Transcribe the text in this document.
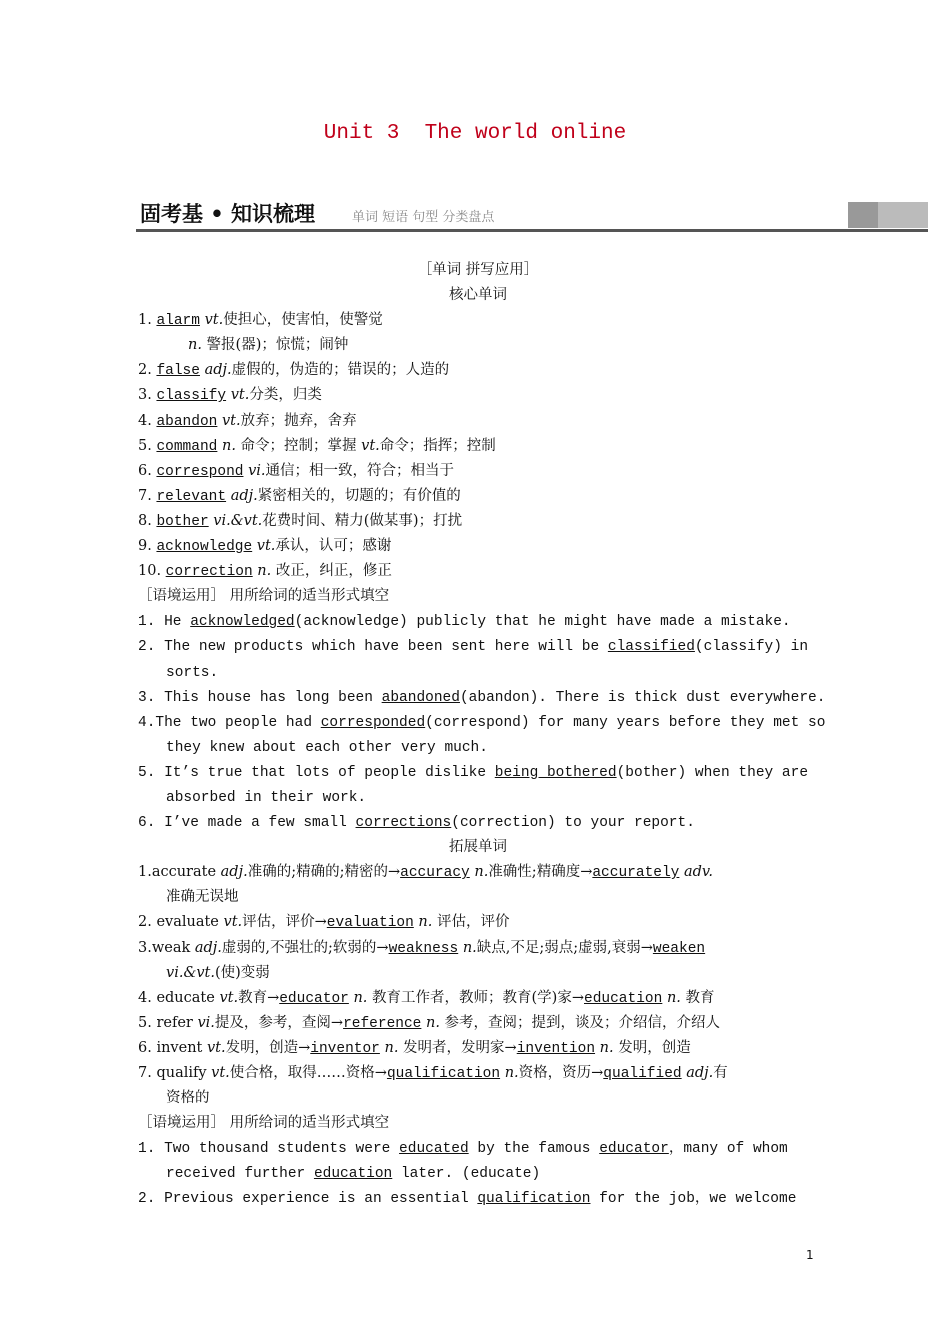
Unit 3  The world online
固考基 • 知识梳理	单词 短语 句型 分类盘点
［单词 拼写应用］
核心单词
1. alarm vt.使担心，使害怕，使警觉
n. 警报(器)；惊慌；闹钟
2. false adj.虚假的，伪造的；错误的；人造的
3. classify vt.分类，归类
4. abandon vt.放弃；抛弃，舍弃
5. command n. 命令；控制；掌握 vt.命令；指挥；控制
6. correspond vi.通信；相一致，符合；相当于
7. relevant adj.紧密相关的，切题的；有价值的
8. bother vi.&vt.花费时间、精力(做某事)；打扰
9. acknowledge vt.承认，认可；感谢
10. correction n. 改正，纠正，修正
［语境运用］ 用所给词的适当形式填空
1. He acknowledged(acknowledge) publicly that he might have made a mistake.
2. The new products which have been sent here will be classified(classify) in
sorts.
3. This house has long been abandoned(abandon). There is thick dust everywhere.
4.The two people had corresponded(correspond) for many years before they met so
they knew about each other very much.
5. It’s true that lots of people dislike being bothered(bother) when they are
absorbed in their work.
6. I’ve made a few small corrections(correction) to your report.
拓展单词
1.accurate adj.准确的;精确的;精密的→accuracy n.准确性;精确度→accurately adv.
准确无误地
2. evaluate vt.评估，评价→evaluation n. 评估，评价
3.weak adj.虚弱的,不强壮的;软弱的→weakness n.缺点,不足;弱点;虚弱,衰弱→weaken
vi.&vt.(使)变弱
4. educate vt.教育→educator n. 教育工作者，教师；教育(学)家→education n. 教育
5. refer vi.提及，参考，查阅→reference n. 参考，查阅；提到，谈及；介绍信，介绍人
6. invent vt.发明，创造→inventor n. 发明者，发明家→invention n. 发明，创造
7. qualify vt.使合格，取得……资格→qualification n.资格，资历→qualified adj.有
资格的
［语境运用］ 用所给词的适当形式填空
1. Two thousand students were educated by the famous educator，many of whom
received further education later. (educate)
2. Previous experience is an essential qualification for the job，we welcome
1
